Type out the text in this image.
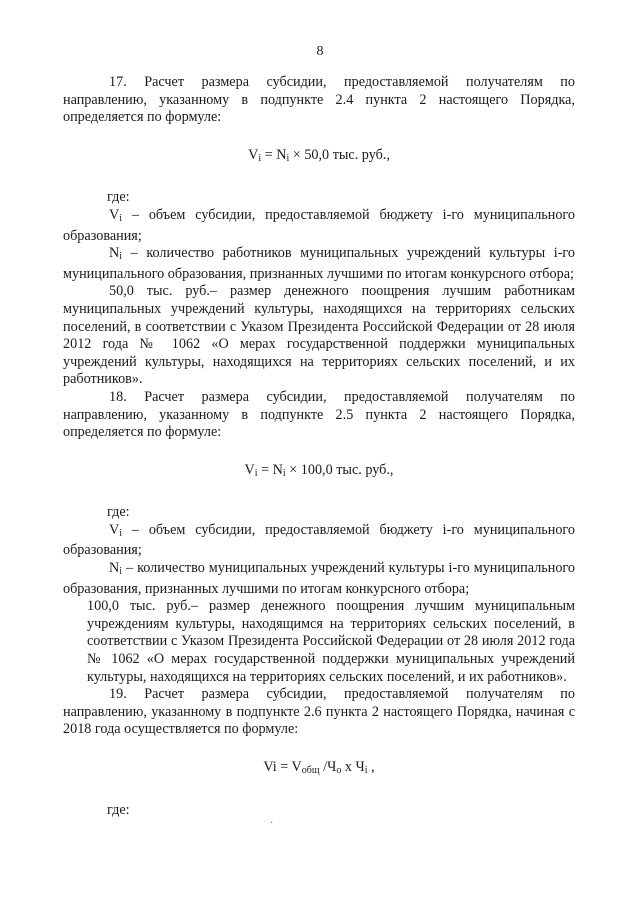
8

17. Расчет размера субсидии, предоставляемой получателям по направлению, указанному в подпункте 2.4 пункта 2 настоящего Порядка, определяется по формуле:

$V_i = N_i \times 50,0$ тыс. руб.,

где:

$V_i$ – объем субсидии, предоставляемой бюджету i-го муниципального образования;

$N_i$ – количество работников муниципальных учреждений культуры i-го муниципального образования, признанных лучшими по итогам конкурсного отбора;

50,0 тыс. руб.– размер денежного поощрения лучшим работникам муниципальных учреждений культуры, находящихся на территориях сельских поселений, в соответствии с Указом Президента Российской Федерации от 28 июля 2012 года № 1062 «О мерах государственной поддержки муниципальных учреждений культуры, находящихся на территориях сельских поселений, и их работников».

18. Расчет размера субсидии, предоставляемой получателям по направлению, указанному в подпункте 2.5 пункта 2 настоящего Порядка, определяется по формуле:

$V_i = N_i \times 100,0$ тыс. руб.,

где:

$V_i$ – объем субсидии, предоставляемой бюджету i-го муниципального образования;

$N_i$ – количество муниципальных учреждений культуры i-го муниципального образования, признанных лучшими по итогам конкурсного отбора;

100,0 тыс. руб.– размер денежного поощрения лучшим муниципальным учреждениям культуры, находящимся на территориях сельских поселений, в соответствии с Указом Президента Российской Федерации от 28 июля 2012 года № 1062 «О мерах государственной поддержки муниципальных учреждений культуры, находящихся на территориях сельских поселений, и их работников».

19. Расчет размера субсидии, предоставляемой получателям по направлению, указанному в подпункте 2.6 пункта 2 настоящего Порядка, начиная с 2018 года осуществляется по формуле:

$Vi = V_{общ}$ $/Ч_о$ х $Ч_i$ ,

где:

·
